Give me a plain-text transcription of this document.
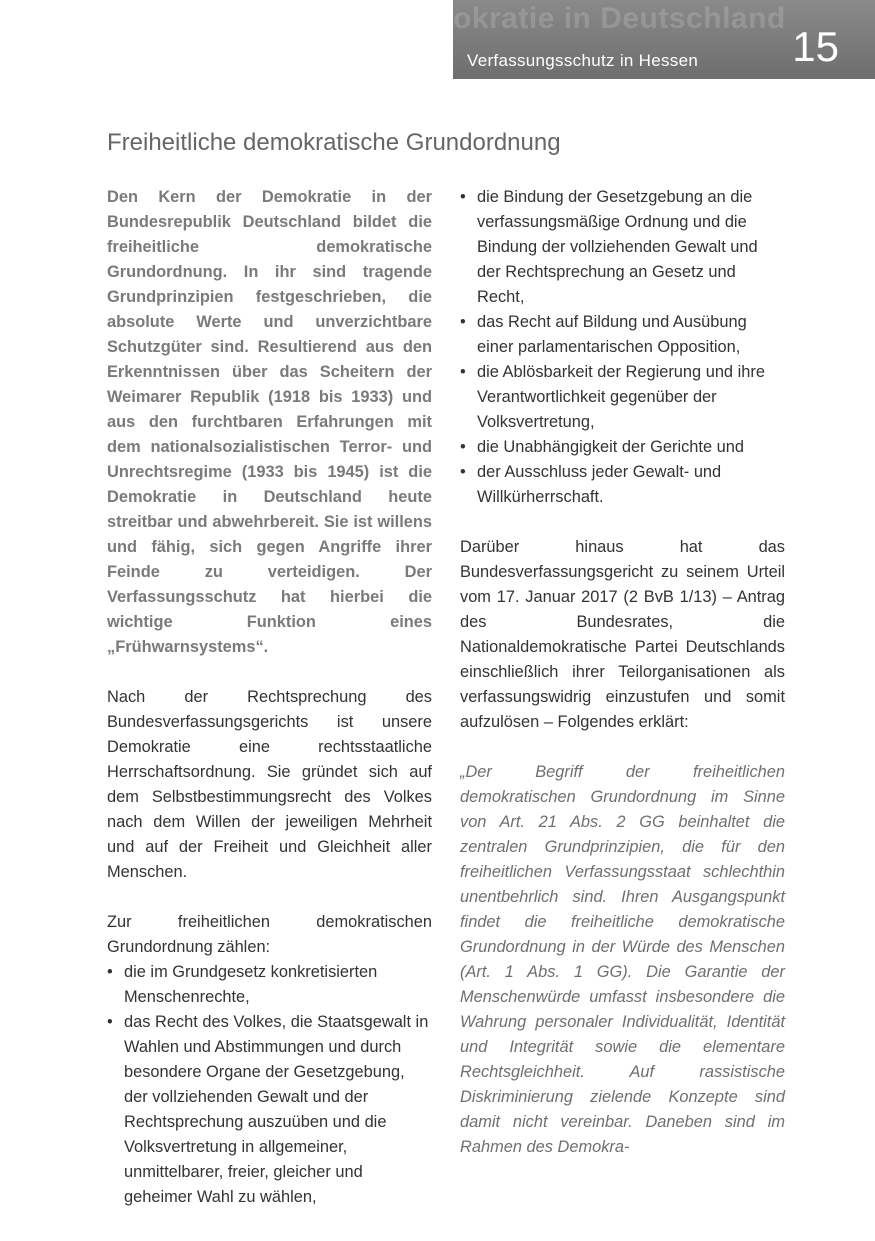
okratie in Deutschland
Verfassungsschutz in Hessen 15
Freiheitliche demokratische Grundordnung

Den Kern der Demokratie in der Bundesrepublik Deutschland bildet die freiheitliche demokratische Grundordnung. In ihr sind tragende Grundprinzipien festgeschrieben, die absolute Werte und unverzichtbare Schutzgüter sind. Resultierend aus den Erkenntnissen über das Scheitern der Weimarer Republik (1918 bis 1933) und aus den furchtbaren Erfahrungen mit dem nationalsozialistischen Terror- und Unrechtsregime (1933 bis 1945) ist die Demokratie in Deutschland heute streitbar und abwehrbereit. Sie ist willens und fähig, sich gegen Angriffe ihrer Feinde zu verteidigen. Der Verfassungsschutz hat hierbei die wichtige Funktion eines „Frühwarnsystems“.

Nach der Rechtsprechung des Bundesverfassungsgerichts ist unsere Demokratie eine rechtsstaatliche Herrschaftsordnung. Sie gründet sich auf dem Selbstbestimmungsrecht des Volkes nach dem Willen der jeweiligen Mehrheit und auf der Freiheit und Gleichheit aller Menschen.

Zur freiheitlichen demokratischen Grundordnung zählen:

• die im Grundgesetz konkretisierten Menschenrechte,
• das Recht des Volkes, die Staatsgewalt in Wahlen und Abstimmungen und durch besondere Organe der Gesetzgebung, der vollziehenden Gewalt und der Rechtsprechung auszuüben und die Volksvertretung in allgemeiner, unmittelbarer, freier, gleicher und geheimer Wahl zu wählen,
• die Bindung der Gesetzgebung an die verfassungsmäßige Ordnung und die Bindung der vollziehenden Gewalt und der Rechtsprechung an Gesetz und Recht,
• das Recht auf Bildung und Ausübung einer parlamentarischen Opposition,
• die Ablösbarkeit der Regierung und ihre Verantwortlichkeit gegenüber der Volksvertretung,
• die Unabhängigkeit der Gerichte und
• der Ausschluss jeder Gewalt- und Willkürherrschaft.

Darüber hinaus hat das Bundesverfassungsgericht zu seinem Urteil vom 17. Januar 2017 (2 BvB 1/13) – Antrag des Bundesrates, die Nationaldemokratische Partei Deutschlands einschließlich ihrer Teilorganisationen als verfassungswidrig einzustufen und somit aufzulösen – Folgendes erklärt:

„Der Begriff der freiheitlichen demokratischen Grundordnung im Sinne von Art. 21 Abs. 2 GG beinhaltet die zentralen Grundprinzipien, die für den freiheitlichen Verfassungsstaat schlechthin unentbehrlich sind. Ihren Ausgangspunkt findet die freiheitliche demokratische Grundordnung in der Würde des Menschen (Art. 1 Abs. 1 GG). Die Garantie der Menschenwürde umfasst insbesondere die Wahrung personaler Individualität, Identität und Integrität sowie die elementare Rechtsgleichheit. Auf rassistische Diskriminierung zielende Konzepte sind damit nicht vereinbar. Daneben sind im Rahmen des Demokra-
